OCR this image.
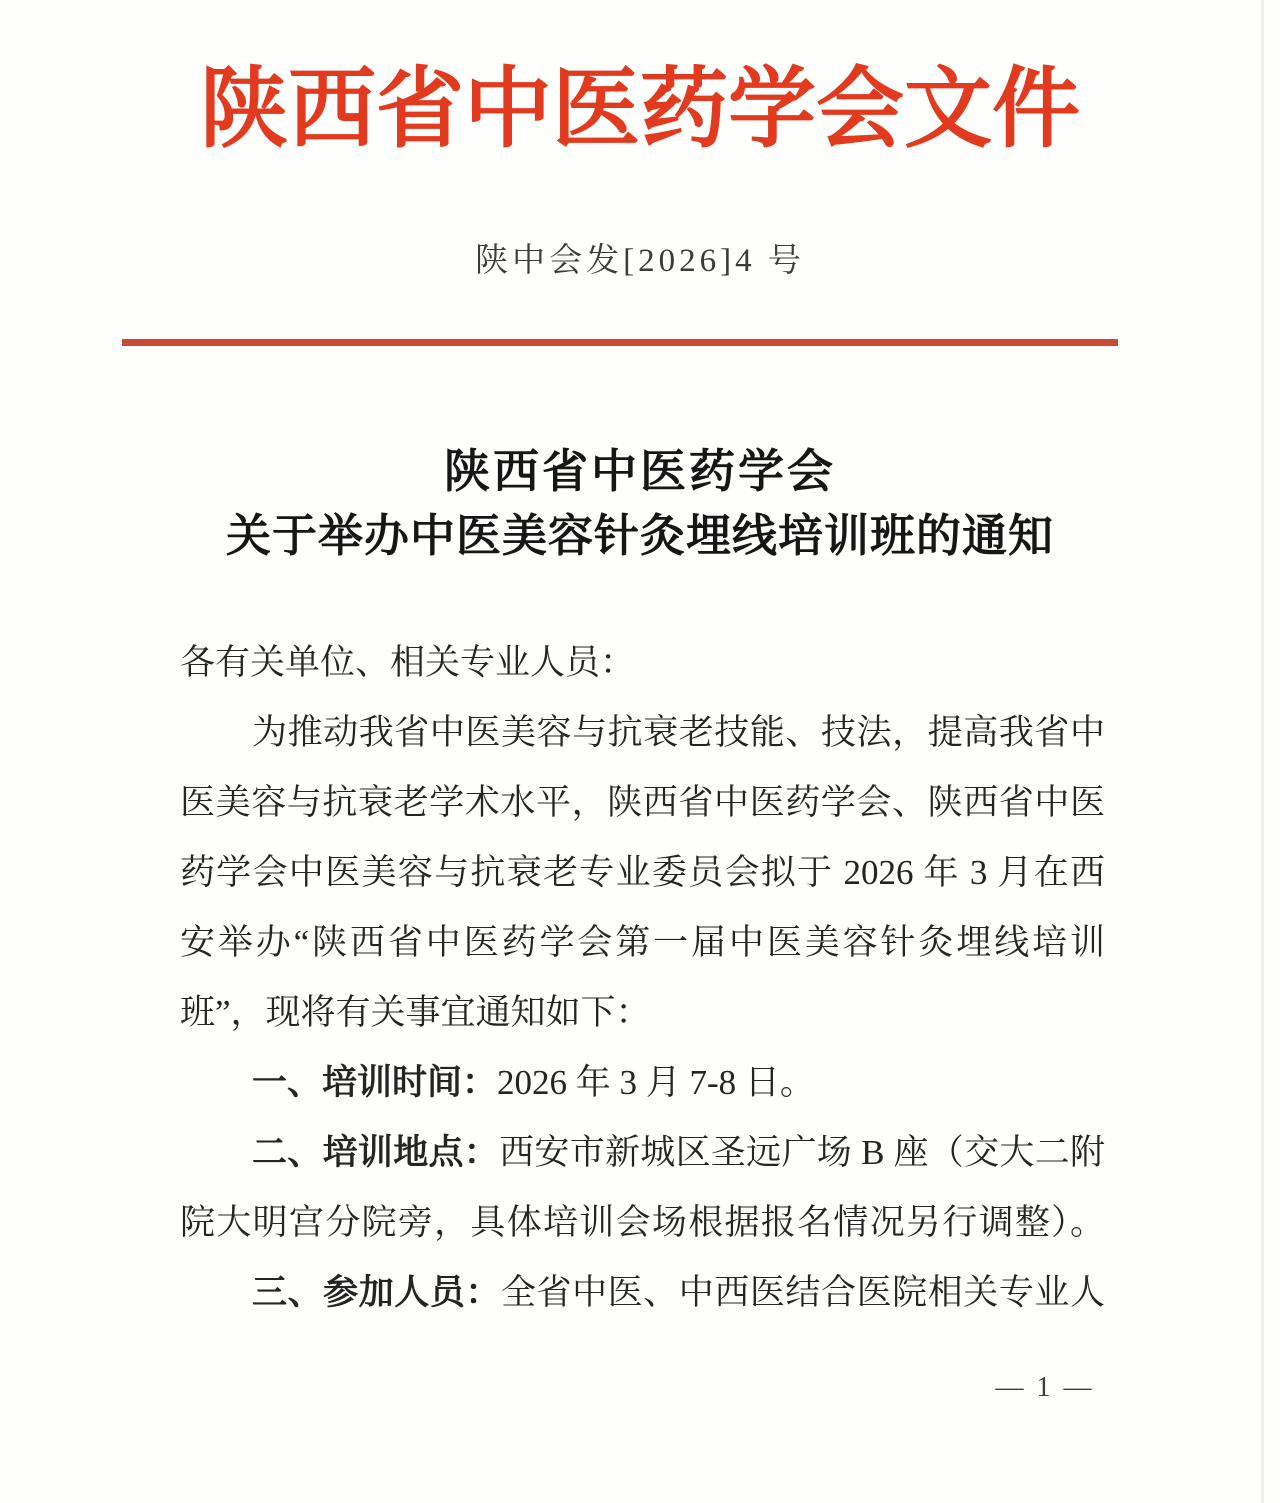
陕西省中医药学会文件
陕中会发[2026]4 号
陕西省中医药学会
关于举办中医美容针灸埋线培训班的通知
各有关单位、相关专业人员：
为推动我省中医美容与抗衰老技能、技法，提高我省中
医美容与抗衰老学术水平，陕西省中医药学会、陕西省中医
药学会中医美容与抗衰老专业委员会拟于 2026 年 3 月在西
安举办“陕西省中医药学会第一届中医美容针灸埋线培训
班”，现将有关事宜通知如下：
一、培训时间：2026 年 3 月 7-8 日。
二、培训地点：西安市新城区圣远广场 B 座（交大二附
院大明宫分院旁，具体培训会场根据报名情况另行调整）。
三、参加人员：全省中医、中西医结合医院相关专业人
— 1 —
